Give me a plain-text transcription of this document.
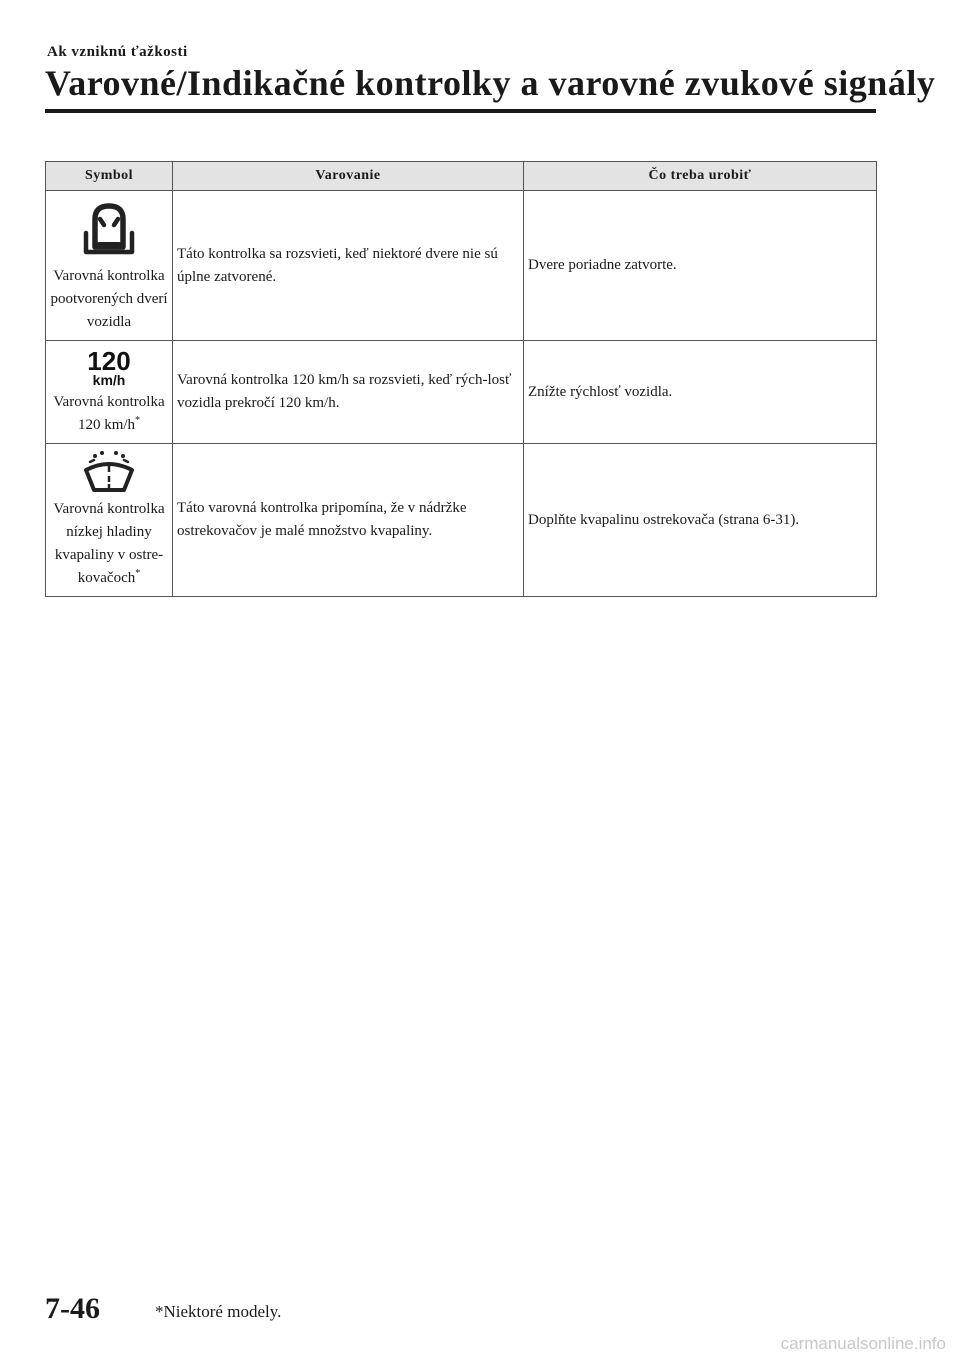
Ak vzniknú ťažkosti
Varovné/Indikačné kontrolky a varovné zvukové signály
Symbol	Varovanie	Čo treba urobiť

Varovná kontrolka pootvorených dverí vozidla	Táto kontrolka sa rozsvieti, keď niektoré dvere nie sú úplne zatvorené.	Dvere poriadne zatvorte.

120
km/h
Varovná kontrolka 120 km/h*	Varovná kontrolka 120 km/h sa rozsvieti, keď rých-losť vozidla prekročí 120 km/h.	Znížte rýchlosť vozidla.

Varovná kontrolka nízkej hladiny kvapaliny v ostre-kovačoch*	Táto varovná kontrolka pripomína, že v nádržke ostrekovačov je malé množstvo kvapaliny.	Doplňte kvapalinu ostrekovača (strana 6-31).
7-46	*Niektoré modely.
carmanualsonline.info
